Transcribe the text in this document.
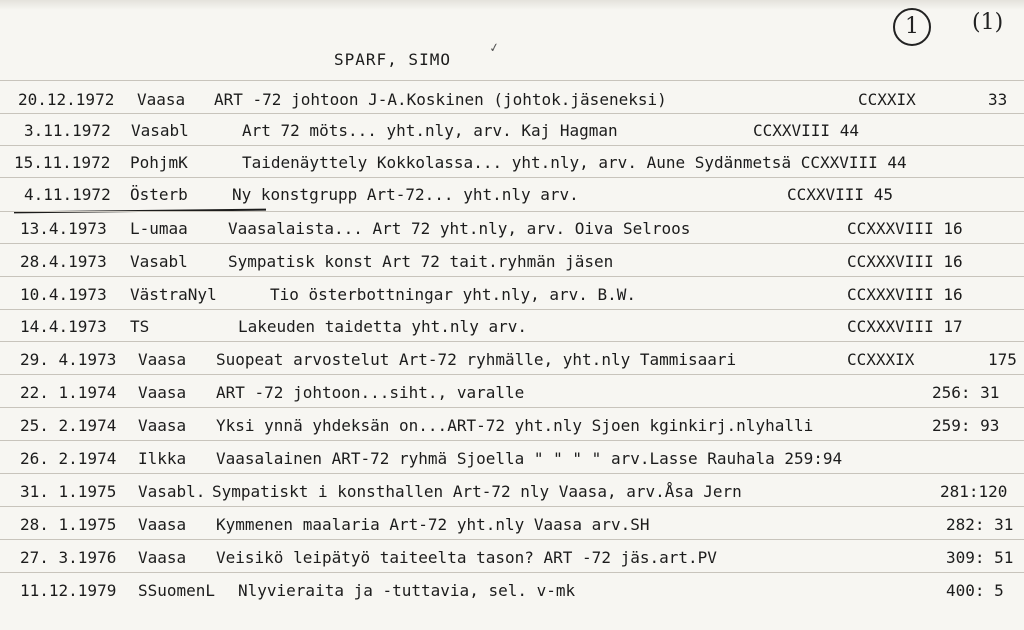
1	(1)
SPARF, SIMO
✓
20.12.1972 Vaasa ART -72 johtoon J-A.Koskinen (johtok.jäseneksi)	CCXXIX	33
3.11.1972 Vasabl	Art 72 möts... yht.nly, arv. Kaj Hagman	CCXXVIII 44
15.11.1972 PohjmK	Taidenäyttely Kokkolassa... yht.nly, arv. Aune Sydänmetsä CCXXVIII 44
4.11.1972 Österb	Ny konstgrupp Art-72... yht.nly arv.	CCXXVIII 45
13.4.1973 L-umaa	Vaasalaista... Art 72 yht.nly, arv. Oiva Selroos	CCXXXVIII 16
28.4.1973 Vasabl	Sympatisk konst Art 72 tait.ryhmän jäsen	CCXXXVIII 16
10.4.1973 VästraNyl	Tio österbottningar yht.nly, arv. B.W.	CCXXXVIII 16
14.4.1973 TS	Lakeuden taidetta yht.nly arv.	CCXXXVIII 17
29. 4.1973 Vaasa Suopeat arvostelut Art-72 ryhmälle, yht.nly Tammisaari	CCXXXIX	175
22. 1.1974 Vaasa ART -72 johtoon...siht., varalle	256: 31
25. 2.1974 Vaasa Yksi ynnä yhdeksän on...ART-72 yht.nly Sjoen kginkirj.nlyhalli	259: 93
26. 2.1974 Ilkka Vaasalainen ART-72 ryhmä Sjoella " " " " arv.Lasse Rauhala 259:94
31. 1.1975 Vasabl. Sympatiskt i konsthallen Art-72 nly Vaasa, arv.Åsa Jern	281:120
28. 1.1975 Vaasa Kymmenen maalaria Art-72 yht.nly Vaasa arv.SH	282: 31
27. 3.1976 Vaasa Veisikö leipätyö taiteelta tason? ART -72 jäs.art.PV	309: 51
11.12.1979 SSuomenL Nlyvieraita ja -tuttavia, sel. v-mk	400: 5
